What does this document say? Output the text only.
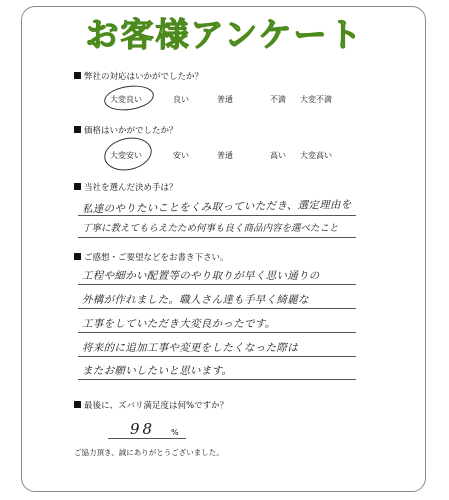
お客様アンケート
弊社の対応はいかがでしたか？
大変良い	良い	普通	不満 大変不満
価格はいかがでしたか？
大変安い	安い	普通	高い 大変高い
当社を選んだ決め手は？
私達のやりたいことをくみ取っていただき、選定理由を
丁寧に教えてもらえたため何事も良く商品内容を選べたこと
ご感想・ご要望などをお書き下さい。
工程や細かい配置等のやり取りが早く思い通りの
外構が作れました。職人さん達も手早く綺麗な
工事をしていただき大変良かったです。
将来的に追加工事や変更をしたくなった際は
またお願いしたいと思います。
最後に、ズバリ満足度は何%ですか？
98 %
ご協力頂き、誠にありがとうございました。
